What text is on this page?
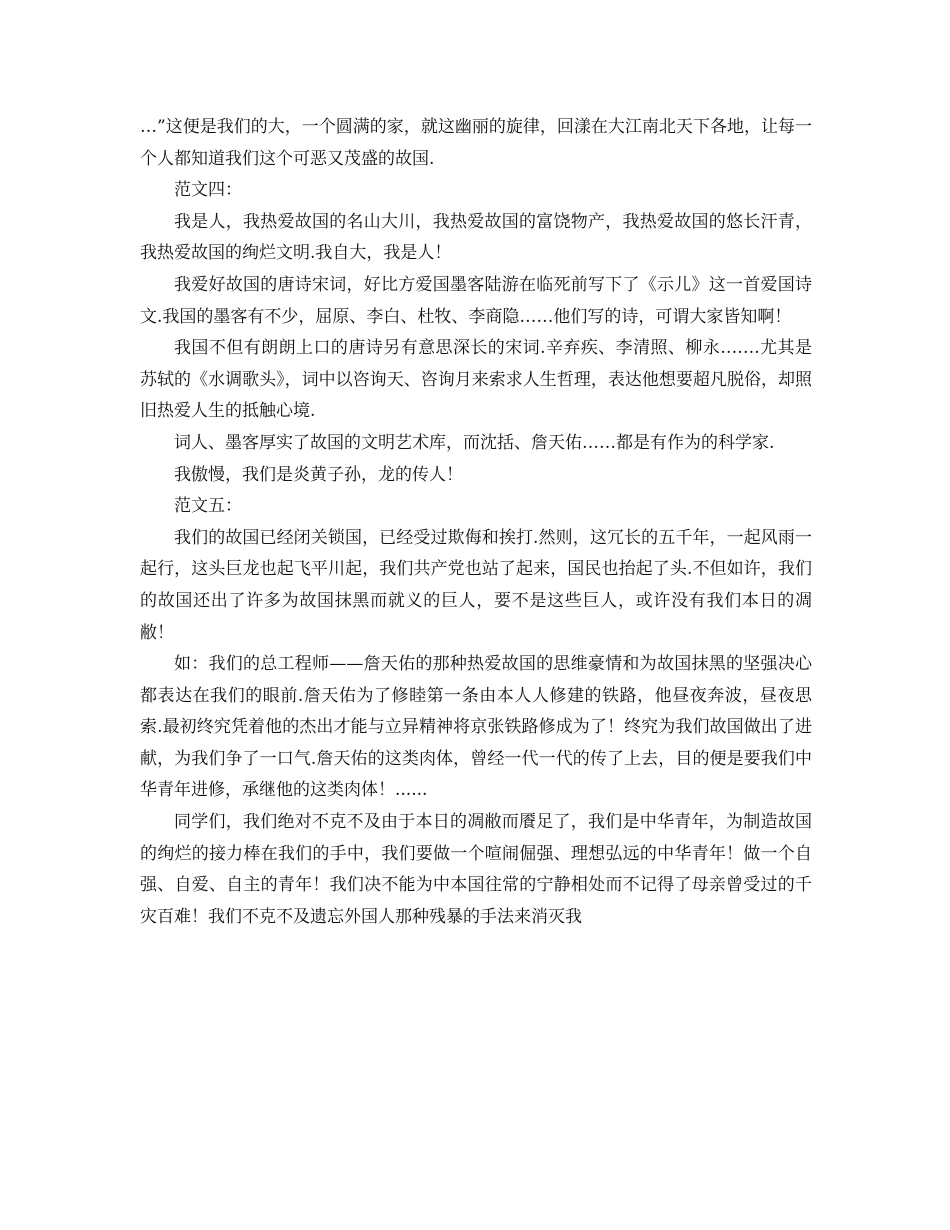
…”这便是我们的大，一个圆满的家，就这幽丽的旋律，回漾在大江南北天下各地，让每一个人都知道我们这个可恶又茂盛的故国.

范文四：

我是人，我热爱故国的名山大川，我热爱故国的富饶物产，我热爱故国的悠长汗青，我热爱故国的绚烂文明.我自大，我是人！

我爱好故国的唐诗宋词，好比方爱国墨客陆游在临死前写下了《示儿》这一首爱国诗文.我国的墨客有不少，屈原、李白、杜牧、李商隐……他们写的诗，可谓大家皆知啊！

我国不但有朗朗上口的唐诗另有意思深长的宋词.辛弃疾、李清照、柳永…….尤其是苏轼的《水调歌头》，词中以咨询天、咨询月来索求人生哲理，表达他想要超凡脱俗，却照旧热爱人生的抵触心境.

词人、墨客厚实了故国的文明艺术库，而沈括、詹天佑……都是有作为的科学家.

我傲慢，我们是炎黄子孙，龙的传人！

范文五：

我们的故国已经闭关锁国，已经受过欺侮和挨打.然则，这冗长的五千年，一起风雨一起行，这头巨龙也起飞平川起，我们共产党也站了起来，国民也抬起了头.不但如许，我们的故国还出了许多为故国抹黑而就义的巨人，要不是这些巨人，或许没有我们本日的凋敝！

如：我们的总工程师——詹天佑的那种热爱故国的思维豪情和为故国抹黑的坚强决心都表达在我们的眼前.詹天佑为了修睦第一条由本人人修建的铁路，他昼夜奔波，昼夜思索.最初终究凭着他的杰出才能与立异精神将京张铁路修成为了！终究为我们故国做出了进献，为我们争了一口气.詹天佑的这类肉体，曾经一代一代的传了上去，目的便是要我们中华青年进修，承继他的这类肉体！......

同学们，我们绝对不克不及由于本日的凋敝而餍足了，我们是中华青年，为制造故国的绚烂的接力棒在我们的手中，我们要做一个喧闹倔强、理想弘远的中华青年！做一个自强、自爱、自主的青年！我们决不能为中本国往常的宁静相处而不记得了母亲曾受过的千灾百难！我们不克不及遗忘外国人那种残暴的手法来消灭我
